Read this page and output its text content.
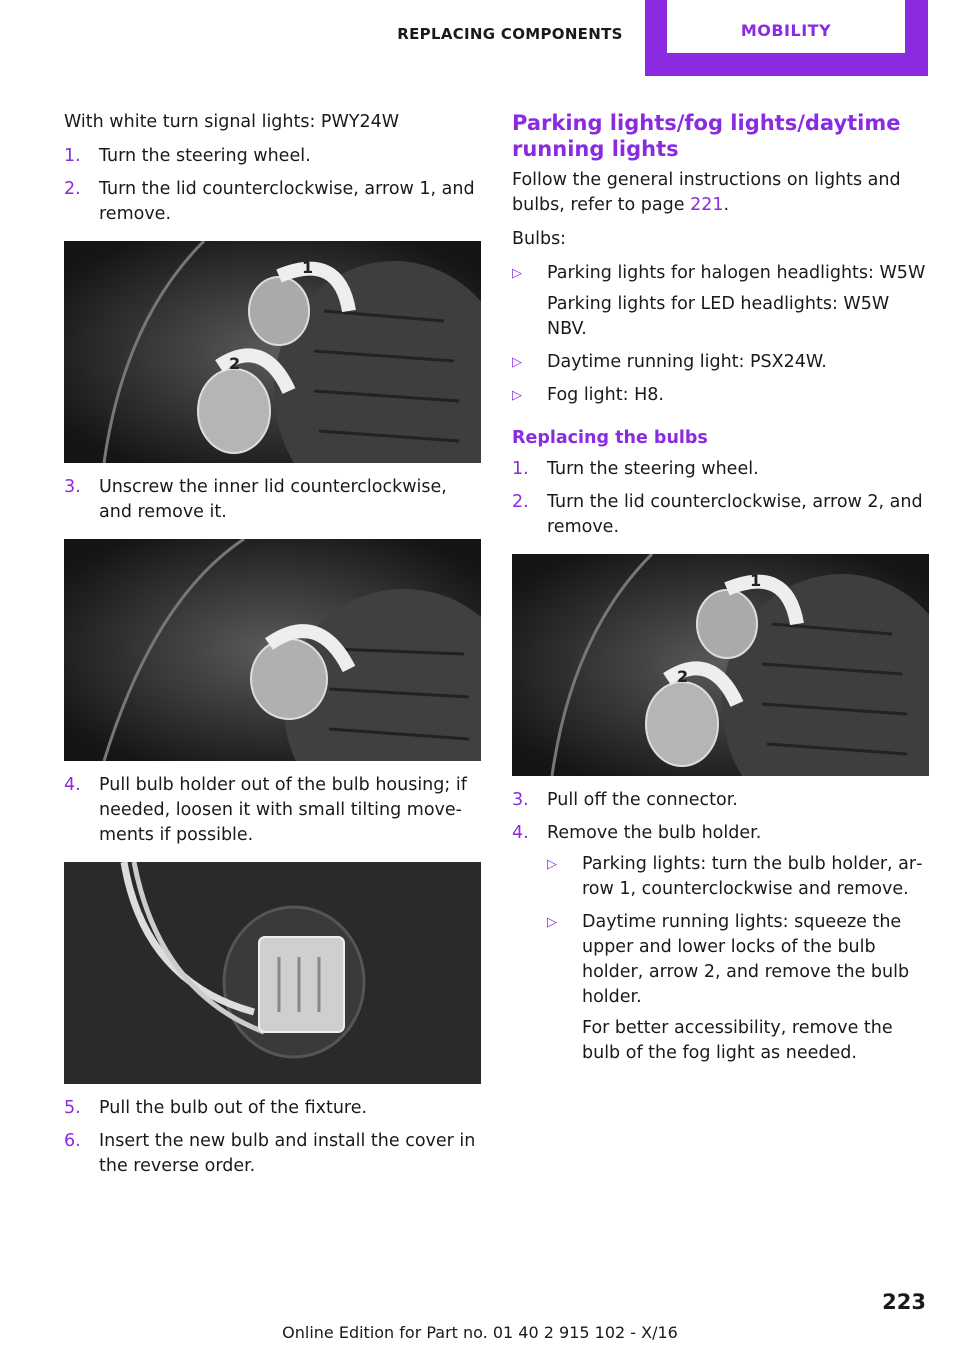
REPLACING COMPONENTS	MOBILITY

With white turn signal lights: PWY24W

1. Turn the steering wheel.
2. Turn the lid counterclockwise, arrow 1, and remove.
1
2
3. Unscrew the inner lid counterclockwise, and remove it.
4. Pull bulb holder out of the bulb housing; if needed, loosen it with small tilting move‐ ments if possible.
5. Pull the bulb out of the fixture.
6. Insert the new bulb and install the cover in the reverse order.
Parking lights/fog lights/daytime running lights

Follow the general instructions on lights and bulbs, refer to page 221.

Bulbs:

▷ Parking lights for halogen headlights: W5W
Parking lights for LED headlights: W5W NBV.
▷ Daytime running light: PSX24W.
▷ Fog light: H8.
Replacing the bulbs
1. Turn the steering wheel.
2. Turn the lid counterclockwise, arrow 2, and remove.
1
2
3. Pull off the connector.
4. Remove the bulb holder.
▷ Parking lights: turn the bulb holder, ar‐ row 1, counterclockwise and remove.
▷ Daytime running lights: squeeze the upper and lower locks of the bulb holder, arrow 2, and remove the bulb holder.
For better accessibility, remove the bulb of the fog light as needed.
223
Online Edition for Part no. 01 40 2 915 102 - X/16
